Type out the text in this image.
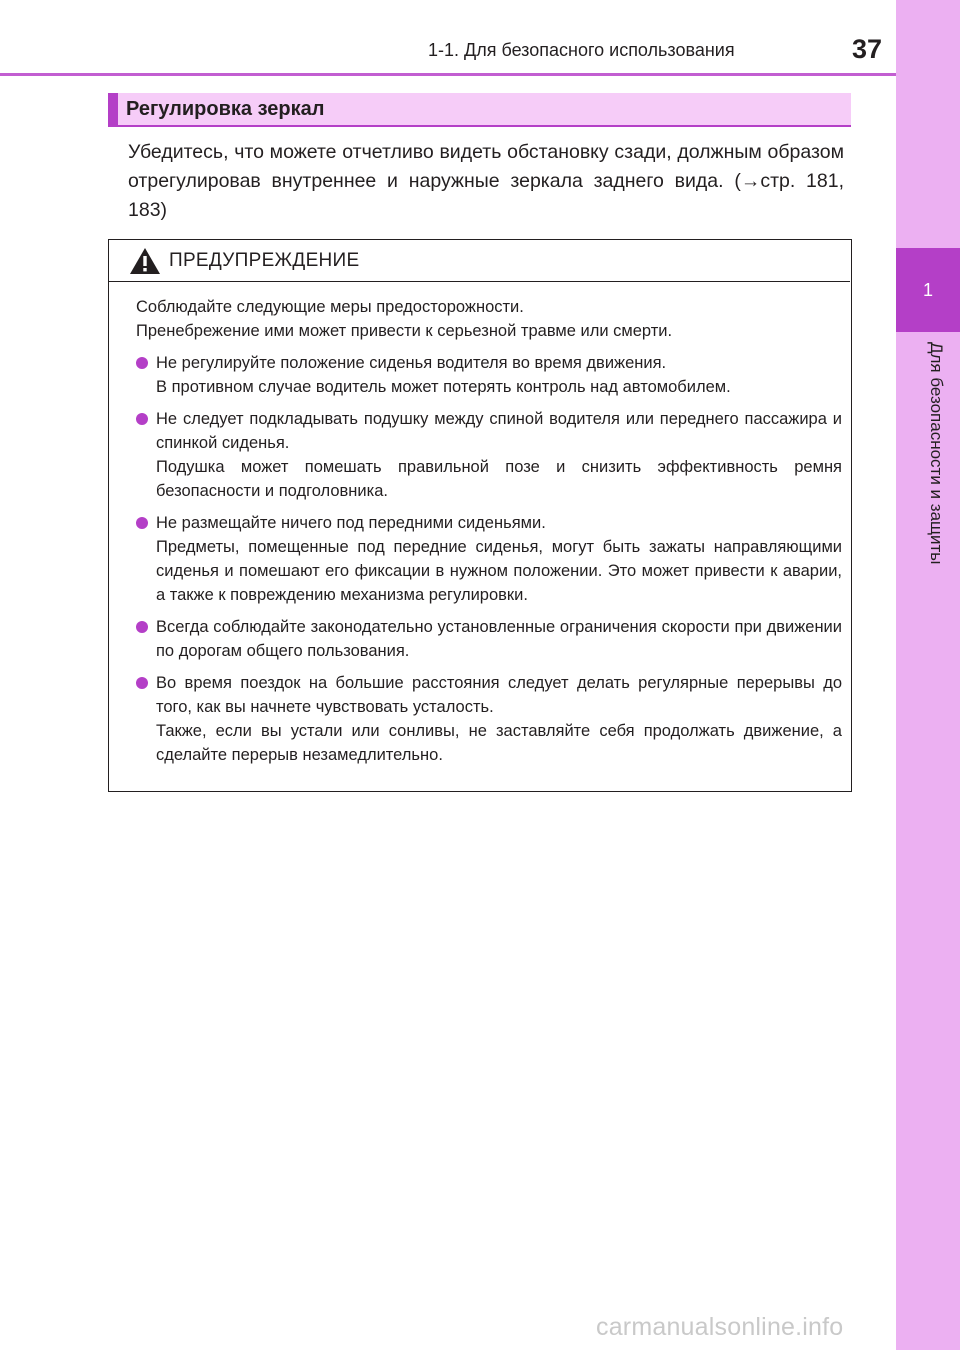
1
Для безопасности и защиты
1-1. Для безопасного использования	37
Регулировка зеркал
Убедитесь, что можете отчетливо видеть обстановку сзади, должным образом отрегулировав внутреннее и наружные зеркала заднего вида. (→стр. 181, 183)
ПРЕДУПРЕЖДЕНИЕ

Соблюдайте следующие меры предосторожности.

Пренебрежение ими может привести к серьезной травме или смерти.

Не регулируйте положение сиденья водителя во время движения.
В противном случае водитель может потерять контроль над автомобилем.
Не следует подкладывать подушку между спиной водителя или переднего пассажира и спинкой сиденья.
Подушка может помешать правильной позе и снизить эффективность ремня безопасности и подголовника.
Не размещайте ничего под передними сиденьями.
Предметы, помещенные под передние сиденья, могут быть зажаты направляющими сиденья и помешают его фиксации в нужном положении. Это может привести к аварии, а также к повреждению механизма регулировки.
Всегда соблюдайте законодательно установленные ограничения скорости при движении по дорогам общего пользования.
Во время поездок на большие расстояния следует делать регулярные перерывы до того, как вы начнете чувствовать усталость.
Также, если вы устали или сонливы, не заставляйте себя продолжать движение, а сделайте перерыв незамедлительно.
carmanualsonline.info
